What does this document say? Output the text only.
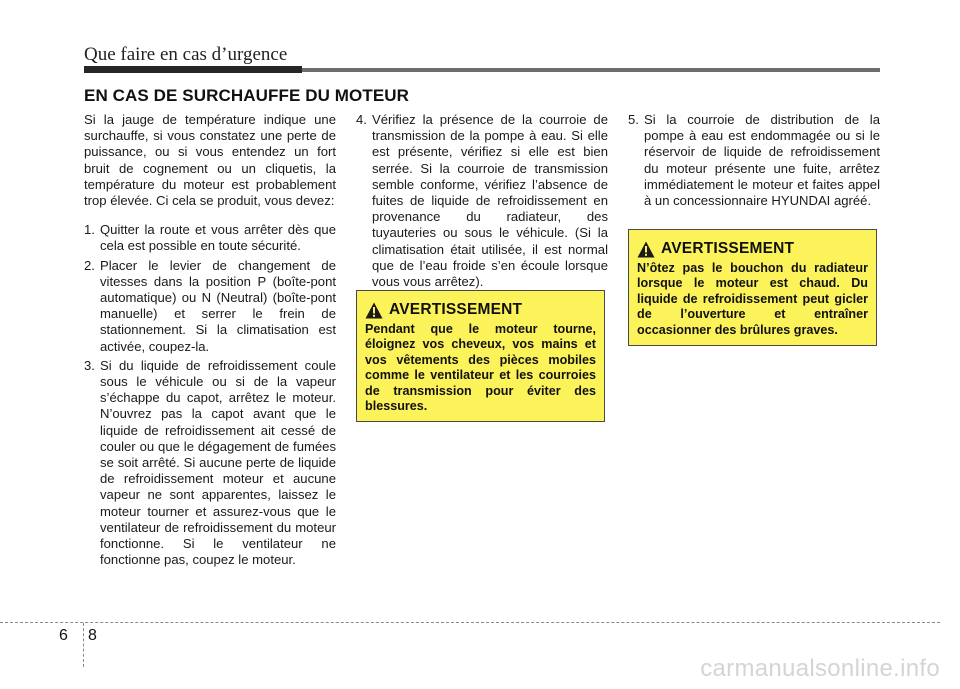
Que faire en cas d’urgence
EN CAS DE SURCHAUFFE DU MOTEUR

Si la jauge de température indique une surchauffe, si vous constatez une perte de puissance, ou si vous entendez un fort bruit de cognement ou un cliquetis, la température du moteur est probablement trop élevée. Ci cela se produit, vous devez:

1. Quitter la route et vous arrêter dès que cela est possible en toute sécurité.
2. Placer le levier de changement de vitesses dans la position P (boîte-pont automatique) ou N (Neutral) (boîte-pont manuelle) et serrer le frein de stationnement. Si la climatisation est activée, coupez-la.
3. Si du liquide de refroidissement coule sous le véhicule ou si de la vapeur s’échappe du capot, arrêtez le moteur. N’ouvrez pas la capot avant que le liquide de refroidissement ait cessé de couler ou que le dégagement de fumées se soit arrêté. Si aucune perte de liquide de refroidissement moteur et aucune vapeur ne sont apparentes, laissez le moteur tourner et assurez-vous que le ventilateur de refroidissement du moteur fonctionne. Si le ventilateur ne fonctionne pas, coupez le moteur.
4. Vérifiez la présence de la courroie de transmission de la pompe à eau. Si elle est présente, vérifiez si elle est bien serrée. Si la courroie de transmission semble conforme, vérifiez l’absence de fuites de liquide de refroidissement en provenance du radiateur, des tuyauteries ou sous le véhicule. (Si la climatisation était utilisée, il est normal que de l’eau froide s’en écoule lorsque vous vous arrêtez).
AVERTISSEMENT

Pendant que le moteur tourne, éloignez vos cheveux, vos mains et vos vêtements des pièces mobiles comme le ventilateur et les courroies de transmission pour éviter des blessures.

5. Si la courroie de distribution de la pompe à eau est endommagée ou si le réservoir de liquide de refroidissement du moteur présente une fuite, arrêtez immédiatement le moteur et faites appel à un concessionnaire HYUNDAI agréé.
AVERTISSEMENT

N’ôtez pas le bouchon du radiateur lorsque le moteur est chaud. Du liquide de refroidissement peut gicler de l’ouverture et entraîner occasionner des brûlures graves.

6 8
carmanualsonline.info
